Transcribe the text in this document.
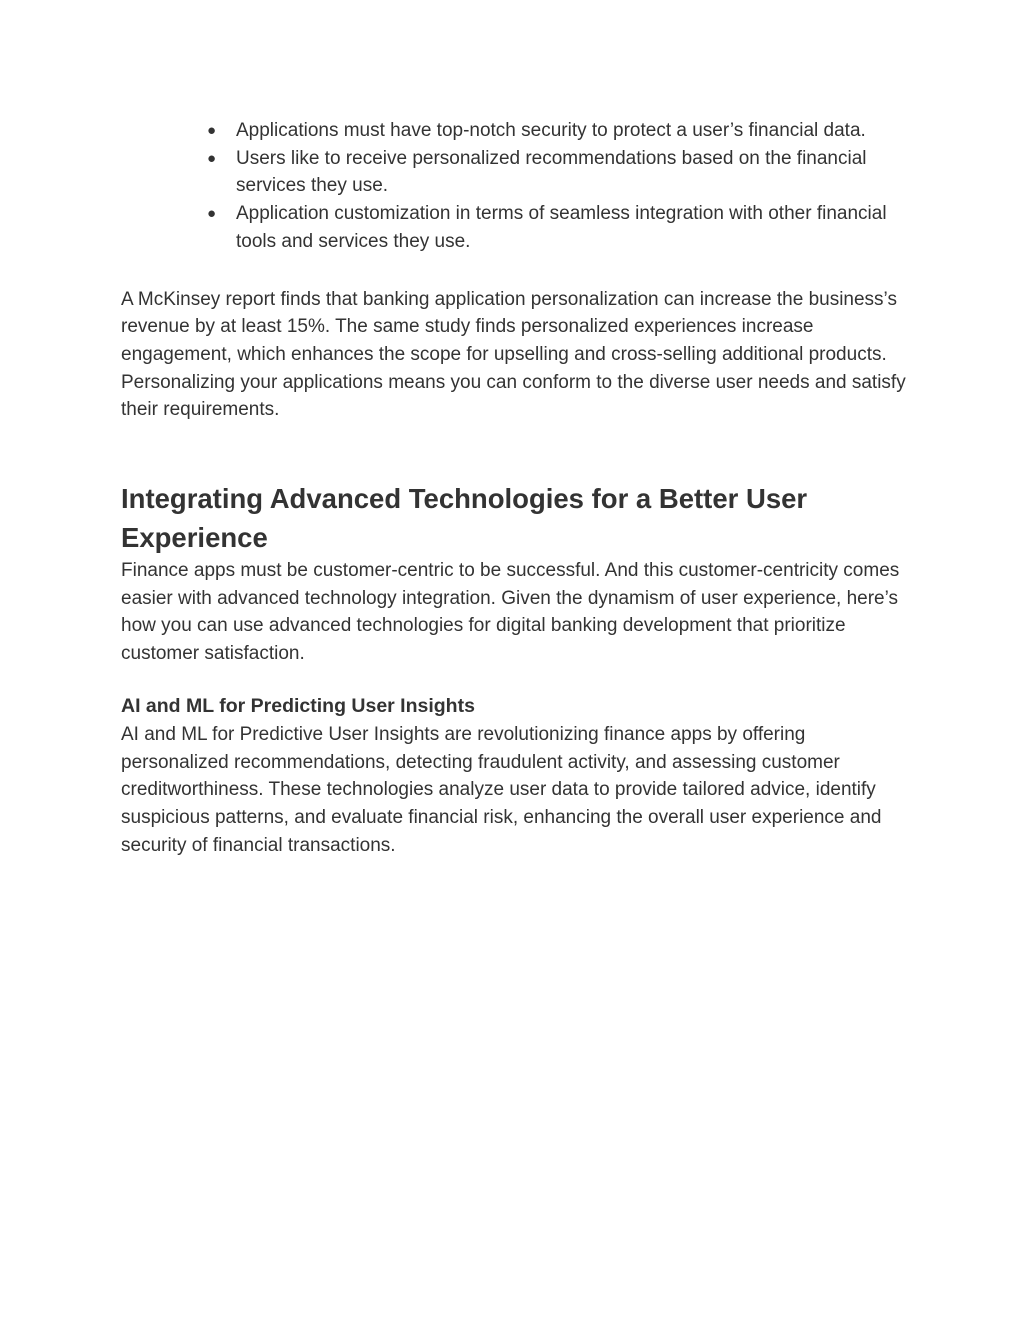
● Applications must have top-notch security to protect a user’s financial data.
● Users like to receive personalized recommendations based on the financial services they use.
● Application customization in terms of seamless integration with other financial tools and services they use.

A McKinsey report finds that banking application personalization can increase the business’s revenue by at least 15%. The same study finds personalized experiences increase engagement, which enhances the scope for upselling and cross-selling additional products. Personalizing your applications means you can conform to the diverse user needs and satisfy their requirements.

Integrating Advanced Technologies for a Better User Experience

Finance apps must be customer-centric to be successful. And this customer-centricity comes easier with advanced technology integration. Given the dynamism of user experience, here’s how you can use advanced technologies for digital banking development that prioritize customer satisfaction.

AI and ML for Predicting User Insights

AI and ML for Predictive User Insights are revolutionizing finance apps by offering personalized recommendations, detecting fraudulent activity, and assessing customer creditworthiness. These technologies analyze user data to provide tailored advice, identify suspicious patterns, and evaluate financial risk, enhancing the overall user experience and security of financial transactions.
